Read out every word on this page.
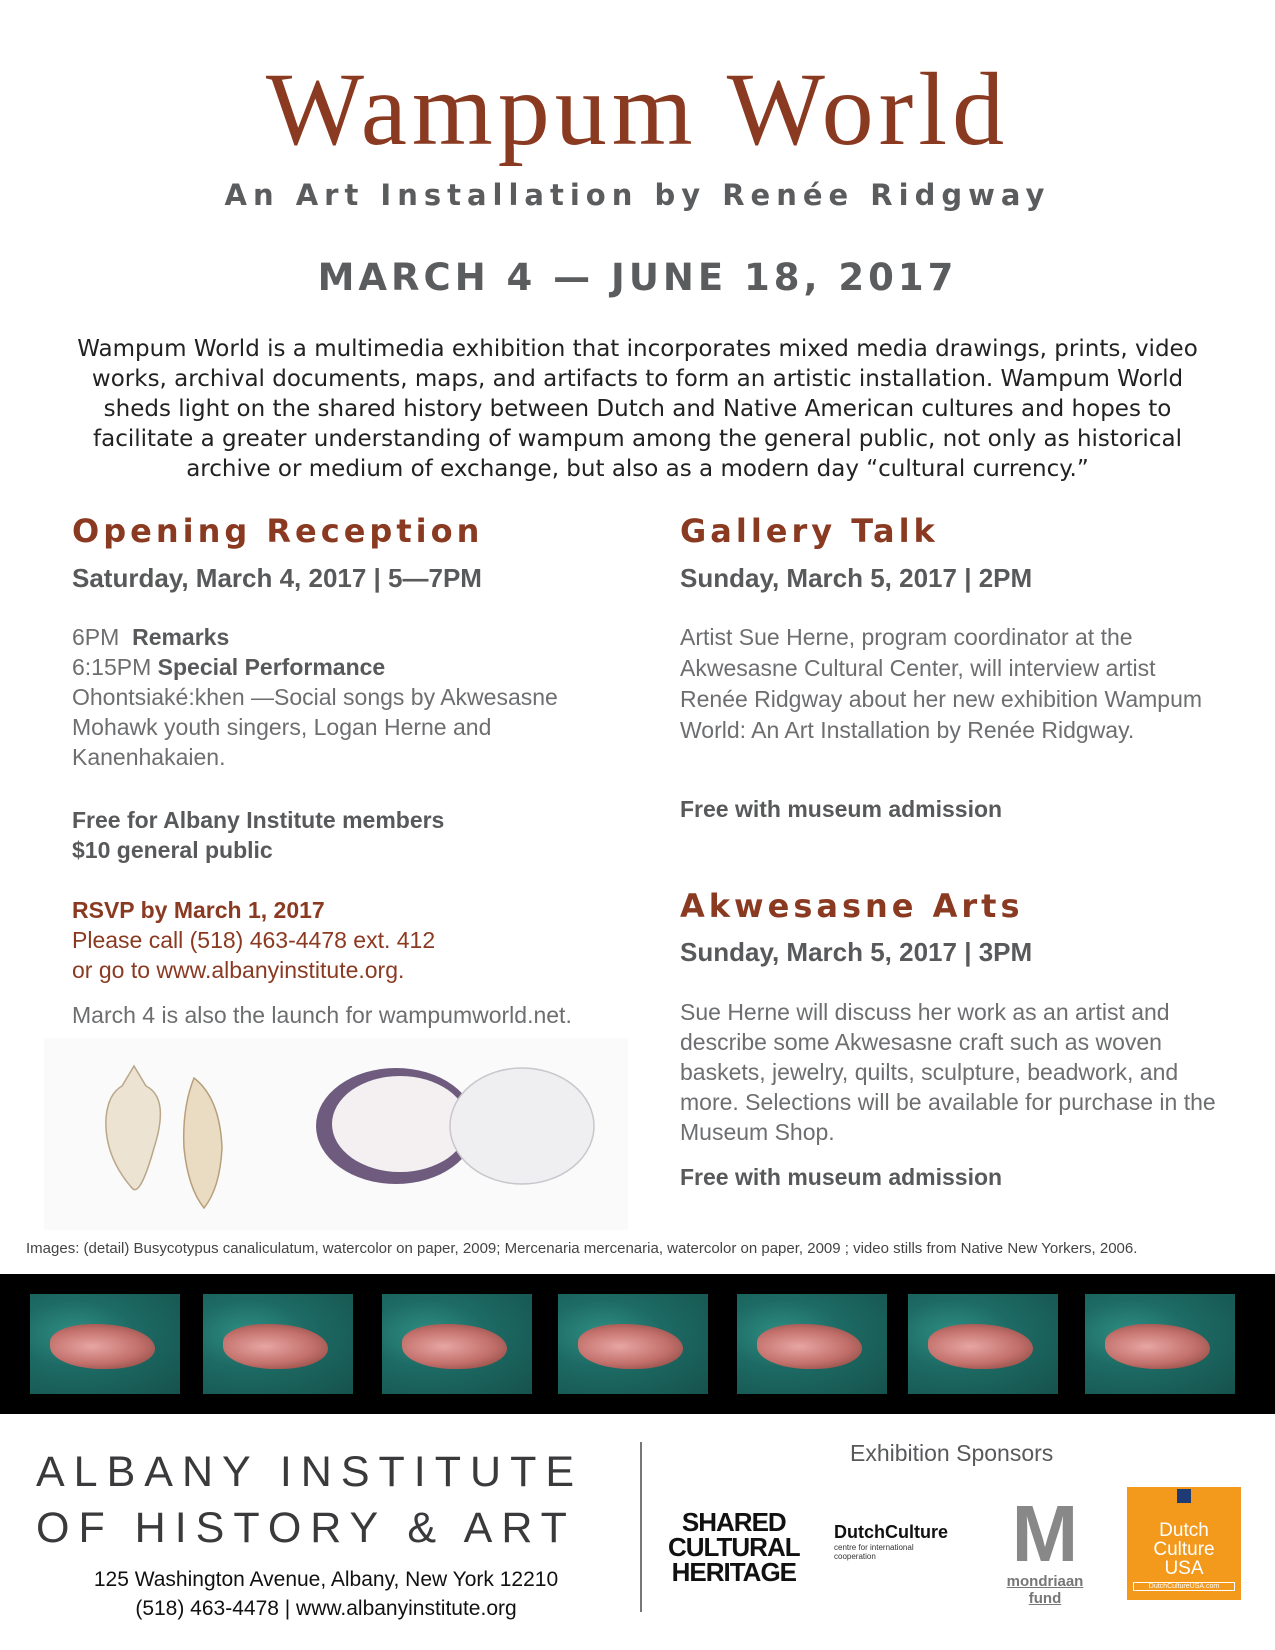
Wampum World
An Art Installation by Renée Ridgway
MARCH 4 — JUNE 18, 2017
Wampum World is a multimedia exhibition that incorporates mixed media drawings, prints, video works, archival documents, maps, and artifacts to form an artistic installation. Wampum World sheds light on the shared history between Dutch and Native American cultures and hopes to facilitate a greater understanding of wampum among the general public, not only as historical archive or medium of exchange, but also as a modern day “cultural currency.”
Opening Reception
Saturday, March 4, 2017 | 5—7PM
6PM Remarks
6:15PM Special Performance
Ohontsiaké:khen —Social songs by Akwesasne Mohawk youth singers, Logan Herne and Kanenhakaien.
Free for Albany Institute members
$10 general public
RSVP by March 1, 2017
Please call (518) 463-4478 ext. 412
or go to www.albanyinstitute.org.
March 4 is also the launch for wampumworld.net.
Gallery Talk
Sunday, March 5, 2017 | 2PM
Artist Sue Herne, program coordinator at the Akwesasne Cultural Center, will interview artist Renée Ridgway about her new exhibition Wampum World: An Art Installation by Renée Ridgway.
Free with museum admission
Akwesasne Arts
Sunday, March 5, 2017 | 3PM
Sue Herne will discuss her work as an artist and describe some Akwesasne craft such as woven baskets, jewelry, quilts, sculpture, beadwork, and more. Selections will be available for purchase in the Museum Shop.
Free with museum admission
Images: (detail) Busycotypus canaliculatum, watercolor on paper, 2009; Mercenaria mercenaria, watercolor on paper, 2009 ; video stills from Native New Yorkers, 2006.
ALBANY INSTITUTE
OF HISTORY & ART
125 Washington Avenue, Albany, New York 12210
(518) 463-4478 | www.albanyinstitute.org
Exhibition Sponsors
SHARED
CULTURAL
HERITAGE
DutchCulture
centre for international
cooperation	M
mondriaan
fund
Dutch
Culture
USA
DutchCultureUSA.com
